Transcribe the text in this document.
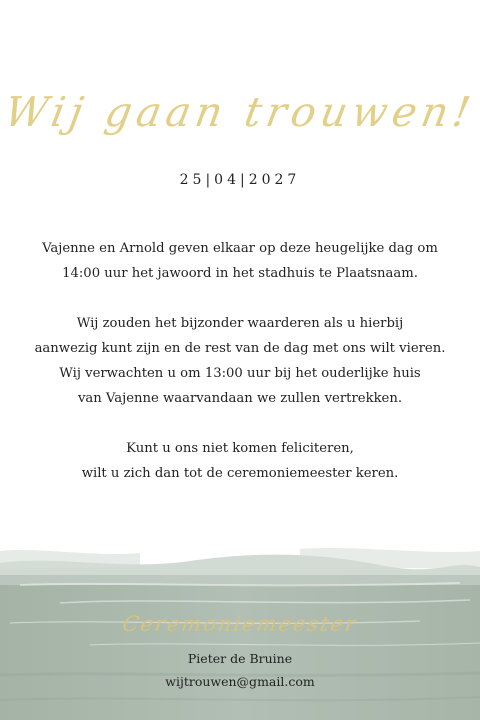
Wij gaan trouwen!
25|04|2027

Vajenne en Arnold geven elkaar op deze heugelijke dag om
14:00 uur het jawoord in het stadhuis te Plaatsnaam.

Wij zouden het bijzonder waarderen als u hierbij
aanwezig kunt zijn en de rest van de dag met ons wilt vieren.
Wij verwachten u om 13:00 uur bij het ouderlijke huis
van Vajenne waarvandaan we zullen vertrekken.

Kunt u ons niet komen feliciteren,
wilt u zich dan tot de ceremoniemeester keren.

Ceremoniemeester
Pieter de Bruine
wijtrouwen@gmail.com
